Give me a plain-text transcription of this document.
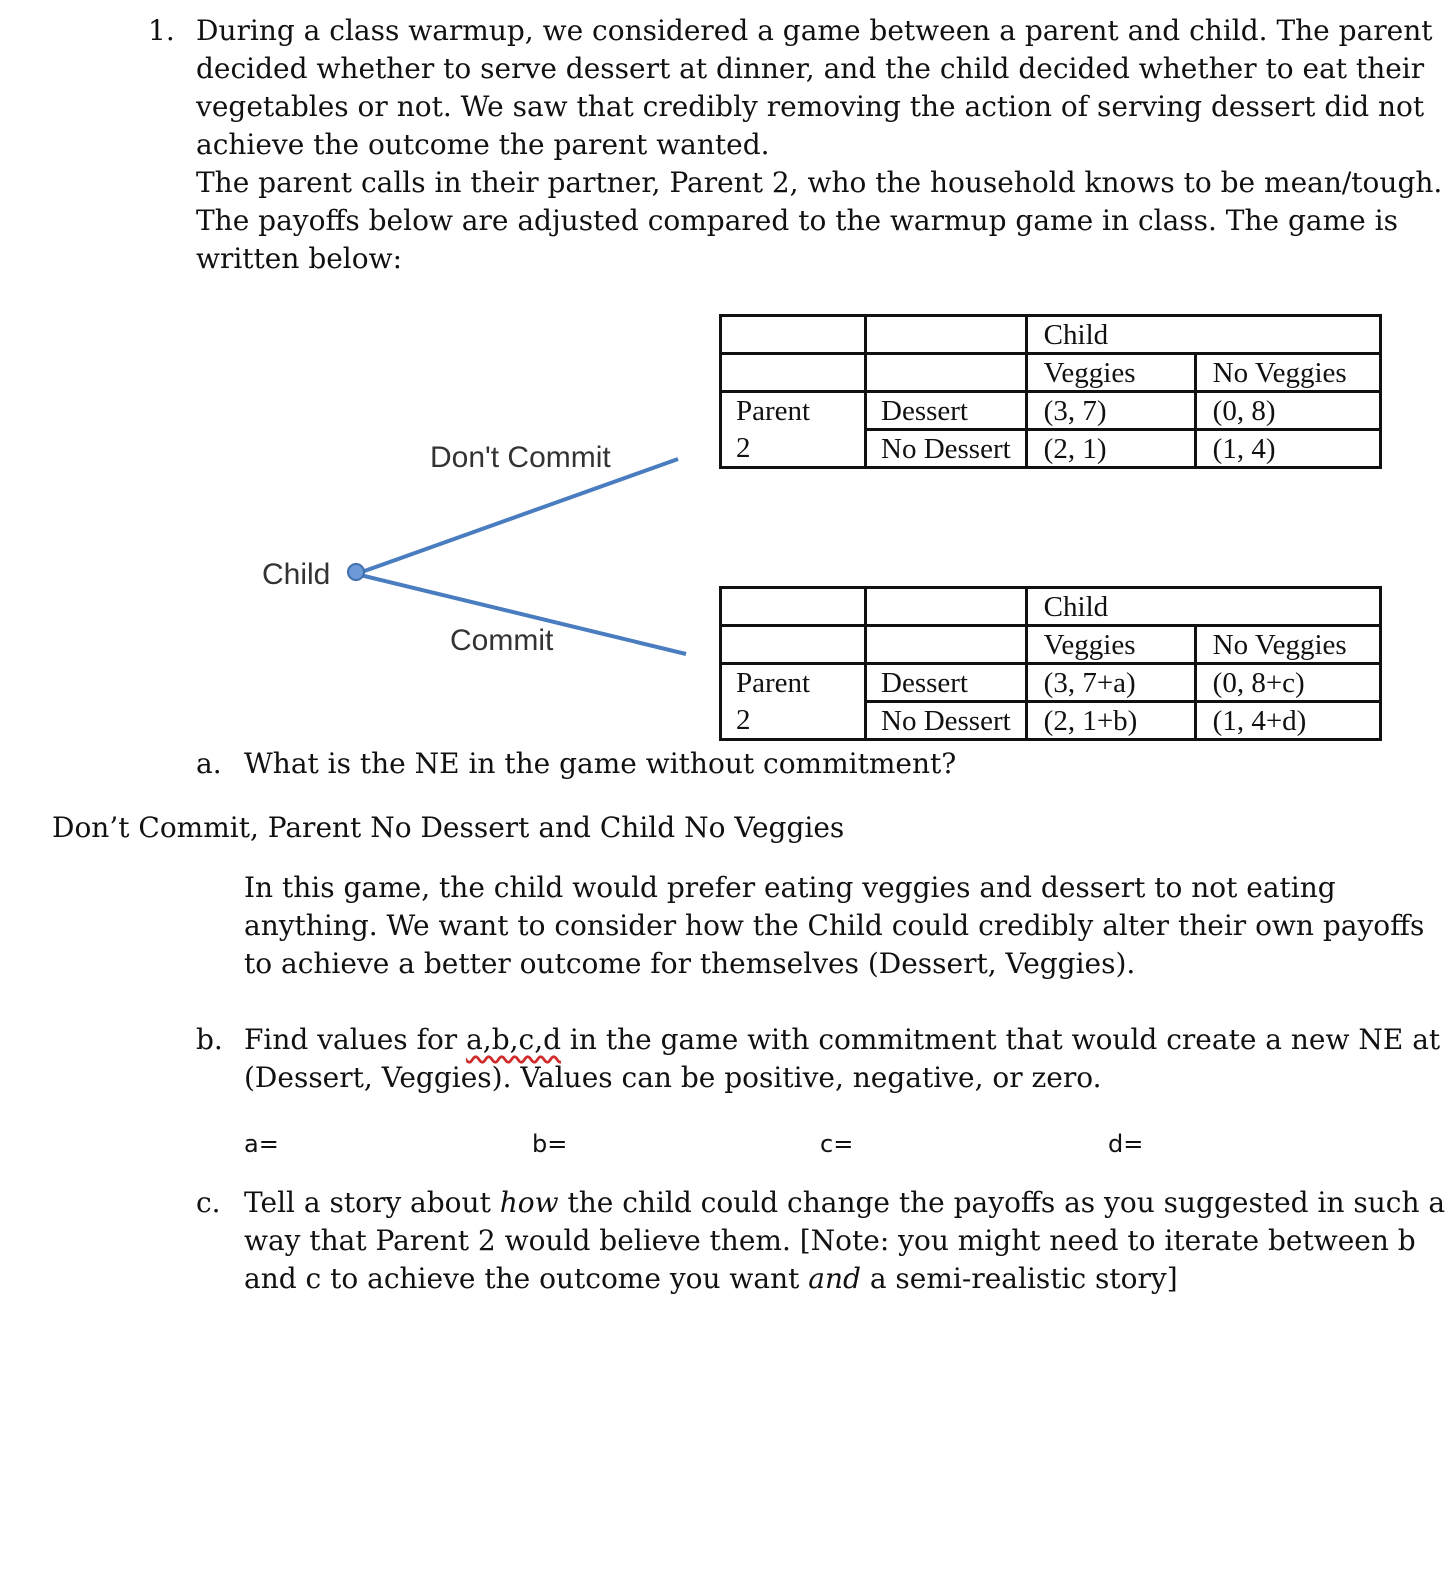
1. During a class warmup, we considered a game between a parent and child. The parent
decided whether to serve dessert at dinner, and the child decided whether to eat their
vegetables or not. We saw that credibly removing the action of serving dessert did not
achieve the outcome the parent wanted.
The parent calls in their partner, Parent 2, who the household knows to be mean/tough.
The payoffs below are adjusted compared to the warmup game in class. The game is
written below:
Child
Don't Commit
Commit
		Child	
		Veggies	No Veggies
Parent	Dessert	(3, 7)	(0, 8)
2	No Dessert	(2, 1)	(1, 4)
		Child	
		Veggies	No Veggies
Parent	Dessert	(3, 7+a)	(0, 8+c)
2	No Dessert	(2, 1+b)	(1, 4+d)
a. What is the NE in the game without commitment?
Don’t Commit, Parent No Dessert and Child No Veggies
In this game, the child would prefer eating veggies and dessert to not eating
anything. We want to consider how the Child could credibly alter their own payoffs
to achieve a better outcome for themselves (Dessert, Veggies).
b. Find values for a,b,c,d in the game with commitment that would create a new NE at
(Dessert, Veggies). Values can be positive, negative, or zero.
a=	b=	c=	d=
c. Tell a story about how the child could change the payoffs as you suggested in such a
way that Parent 2 would believe them. [Note: you might need to iterate between b
and c to achieve the outcome you want and a semi-realistic story]
